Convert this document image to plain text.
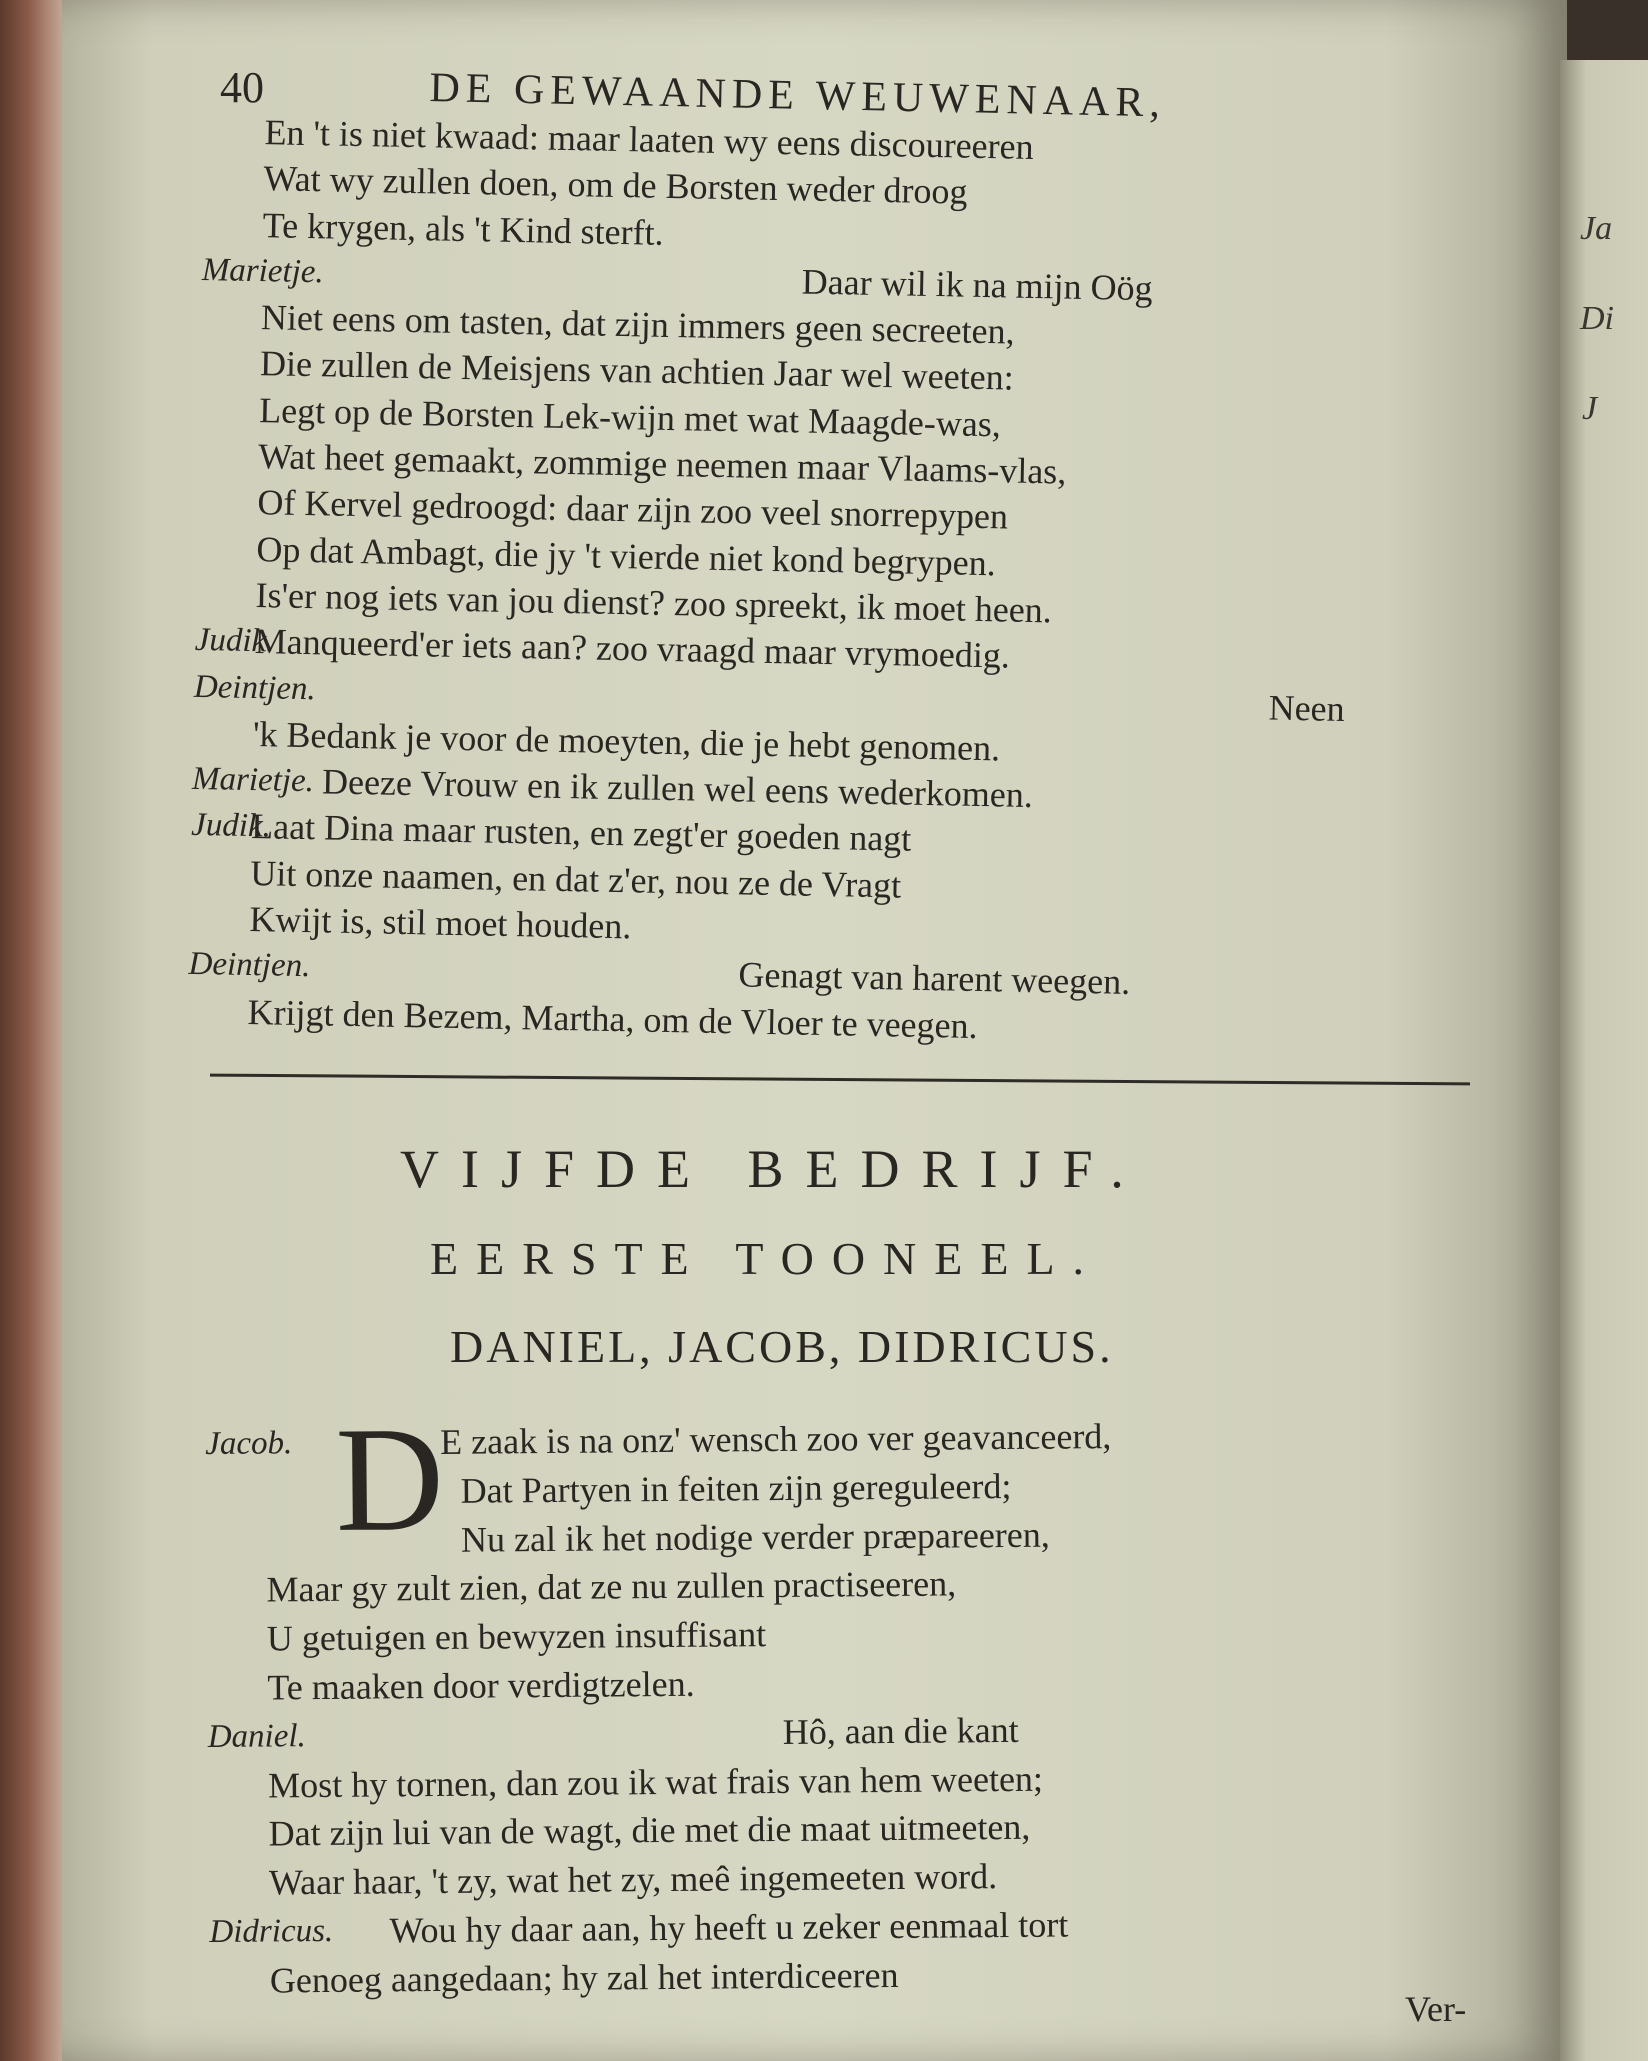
Ja
Di
J
40	DE GEWAANDE WEUWENAAR,
En 't is niet kwaad: maar laaten wy eens discoureeren
Wat wy zullen doen, om de Borsten weder droog
Te krygen, als 't Kind sterft.
Marietje.	Daar wil ik na mijn Oög
Niet eens om tasten, dat zijn immers geen secreeten,
Die zullen de Meisjens van achtien Jaar wel weeten:
Legt op de Borsten Lek-wijn met wat Maagde-was,
Wat heet gemaakt, zommige neemen maar Vlaams-vlas,
Of Kervel gedroogd: daar zijn zoo veel snorrepypen
Op dat Ambagt, die jy 't vierde niet kond begrypen.
Is'er nog iets van jou dienst? zoo spreekt, ik moet heen.
Judik.
Manqueerd'er iets aan? zoo vraagd maar vrymoedig.
Deintjen.	Neen
'k Bedank je voor de moeyten, die je hebt genomen.
Marietje. Deeze Vrouw en ik zullen wel eens wederkomen.
Judik.
Laat Dina maar rusten, en zegt'er goeden nagt
Uit onze naamen, en dat z'er, nou ze de Vragt
Kwijt is, stil moet houden.
Deintjen.	Genagt van harent weegen.
Krijgt den Bezem, Martha, om de Vloer te veegen.
VIJFDE BEDRIJF.
EERSTE TOONEEL.
DANIEL, JACOB, DIDRICUS.
D
Jacob.	E zaak is na onz' wensch zoo ver geavanceerd,
Dat Partyen in feiten zijn gereguleerd;
Nu zal ik het nodige verder præpareeren,
Maar gy zult zien, dat ze nu zullen practiseeren,
U getuigen en bewyzen insuffisant
Te maaken door verdigtzelen.
Daniel.	Hô, aan die kant
Most hy tornen, dan zou ik wat frais van hem weeten;
Dat zijn lui van de wagt, die met die maat uitmeeten,
Waar haar, 't zy, wat het zy, meê ingemeeten word.
Didricus. Wou hy daar aan, hy heeft u zeker eenmaal tort
Genoeg aangedaan; hy zal het interdiceeren
Ver-
